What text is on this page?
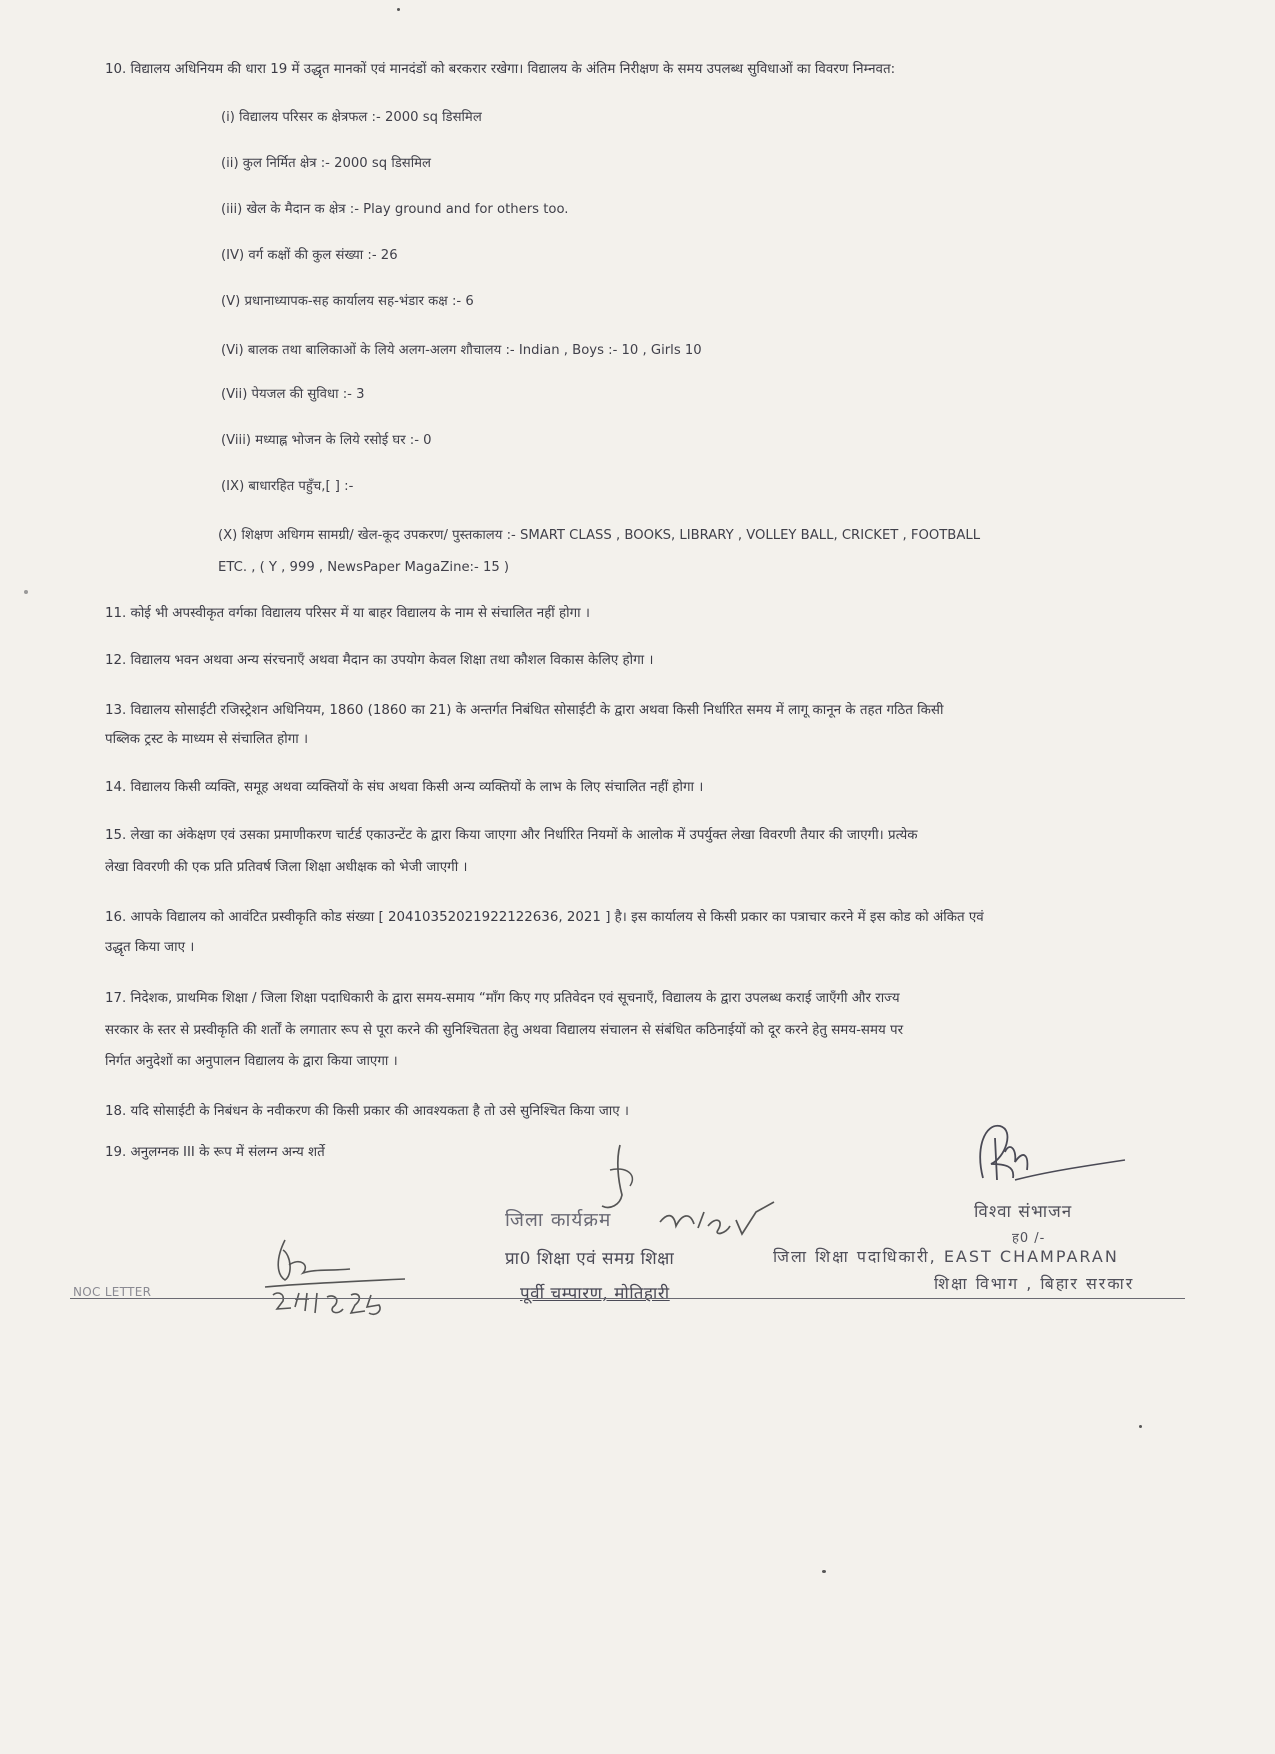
10. विद्यालय अधिनियम की धारा 19 में उद्धृत मानकों एवं मानदंडों को बरकरार रखेगा। विद्यालय के अंतिम निरीक्षण के समय उपलब्ध सुविधाओं का विवरण निम्नवत:
(i) विद्यालय परिसर क क्षेत्रफल :- 2000 sq डिसमिल
(ii) कुल निर्मित क्षेत्र :- 2000 sq डिसमिल
(iii) खेल के मैदान क क्षेत्र :- Play ground and for others too.
(IV) वर्ग कक्षों की कुल संख्या :- 26
(V) प्रधानाध्यापक-सह कार्यालय सह-भंडार कक्ष :- 6
(Vi) बालक तथा बालिकाओं के लिये अलग-अलग शौचालय :- Indian , Boys :- 10 , Girls 10
(Vii) पेयजल की सुविधा :- 3
(Viii) मध्याह्न भोजन के लिये रसोई घर :- 0
(IX) बाधारहित पहुँच,[ ] :-
(X) शिक्षण अधिगम सामग्री/ खेल-कूद उपकरण/ पुस्तकालय :- SMART CLASS , BOOKS, LIBRARY , VOLLEY BALL, CRICKET , FOOTBALL
ETC. , ( Y , 999 , NewsPaper MagaZine:- 15 )
11. कोई भी अपस्वीकृत वर्गका विद्यालय परिसर में या बाहर विद्यालय के नाम से संचालित नहीं होगा ।
12. विद्यालय भवन अथवा अन्य संरचनाएँ अथवा मैदान का उपयोग केवल शिक्षा तथा कौशल विकास केलिए होगा ।
13. विद्यालय सोसाईटी रजिस्ट्रेशन अधिनियम, 1860 (1860 का 21) के अन्तर्गत निबंधित सोसाईटी के द्वारा अथवा किसी निर्धारित समय में लागू कानून के तहत गठित किसी
पब्लिक ट्रस्ट के माध्यम से संचालित होगा ।
14. विद्यालय किसी व्यक्ति, समूह अथवा व्यक्तियों के संघ अथवा किसी अन्य व्यक्तियों के लाभ के लिए संचालित नहीं होगा ।
15. लेखा का अंकेक्षण एवं उसका प्रमाणीकरण चार्टर्ड एकाउन्टेंट के द्वारा किया जाएगा और निर्धारित नियमों के आलोक में उपर्युक्त लेखा विवरणी तैयार की जाएगी। प्रत्येक
लेखा विवरणी की एक प्रति प्रतिवर्ष जिला शिक्षा अधीक्षक को भेजी जाएगी ।
16. आपके विद्यालय को आवंटित प्रस्वीकृति कोड संख्या [ 2041035202192212​2636, 2021 ] है। इस कार्यालय से किसी प्रकार का पत्राचार करने में इस कोड को अंकित एवं
उद्धृत किया जाए ।
17. निदेशक, प्राथमिक शिक्षा / जिला शिक्षा पदाधिकारी के द्वारा समय-समाय “माँग किए गए प्रतिवेदन एवं सूचनाएँ, विद्यालय के द्वारा उपलब्ध कराई जाएँगी और राज्य
सरकार के स्तर से प्रस्वीकृति की शर्तों के लगातार रूप से पूरा करने की सुनिश्चितता हेतु अथवा विद्यालय संचालन से संबंधित कठिनाईयों को दूर करने हेतु समय-समय पर
निर्गत अनुदेशों का अनुपालन विद्यालय के द्वारा किया जाएगा ।
18. यदि सोसाईटी के निबंधन के नवीकरण की किसी प्रकार की आवश्यकता है तो उसे सुनिश्चित किया जाए ।
19. अनुलग्नक III के रूप में संलग्न अन्य शर्ते
जिला कार्यक्रम
प्रा0 शिक्षा एवं समग्र शिक्षा
पूर्वी चम्पारण, मोतिहारी
विश्वा संभाजन
ह0 /-
जिला शिक्षा पदाधिकारी, EAST CHAMPARAN
शिक्षा विभाग , बिहार सरकार
NOC LETTER
